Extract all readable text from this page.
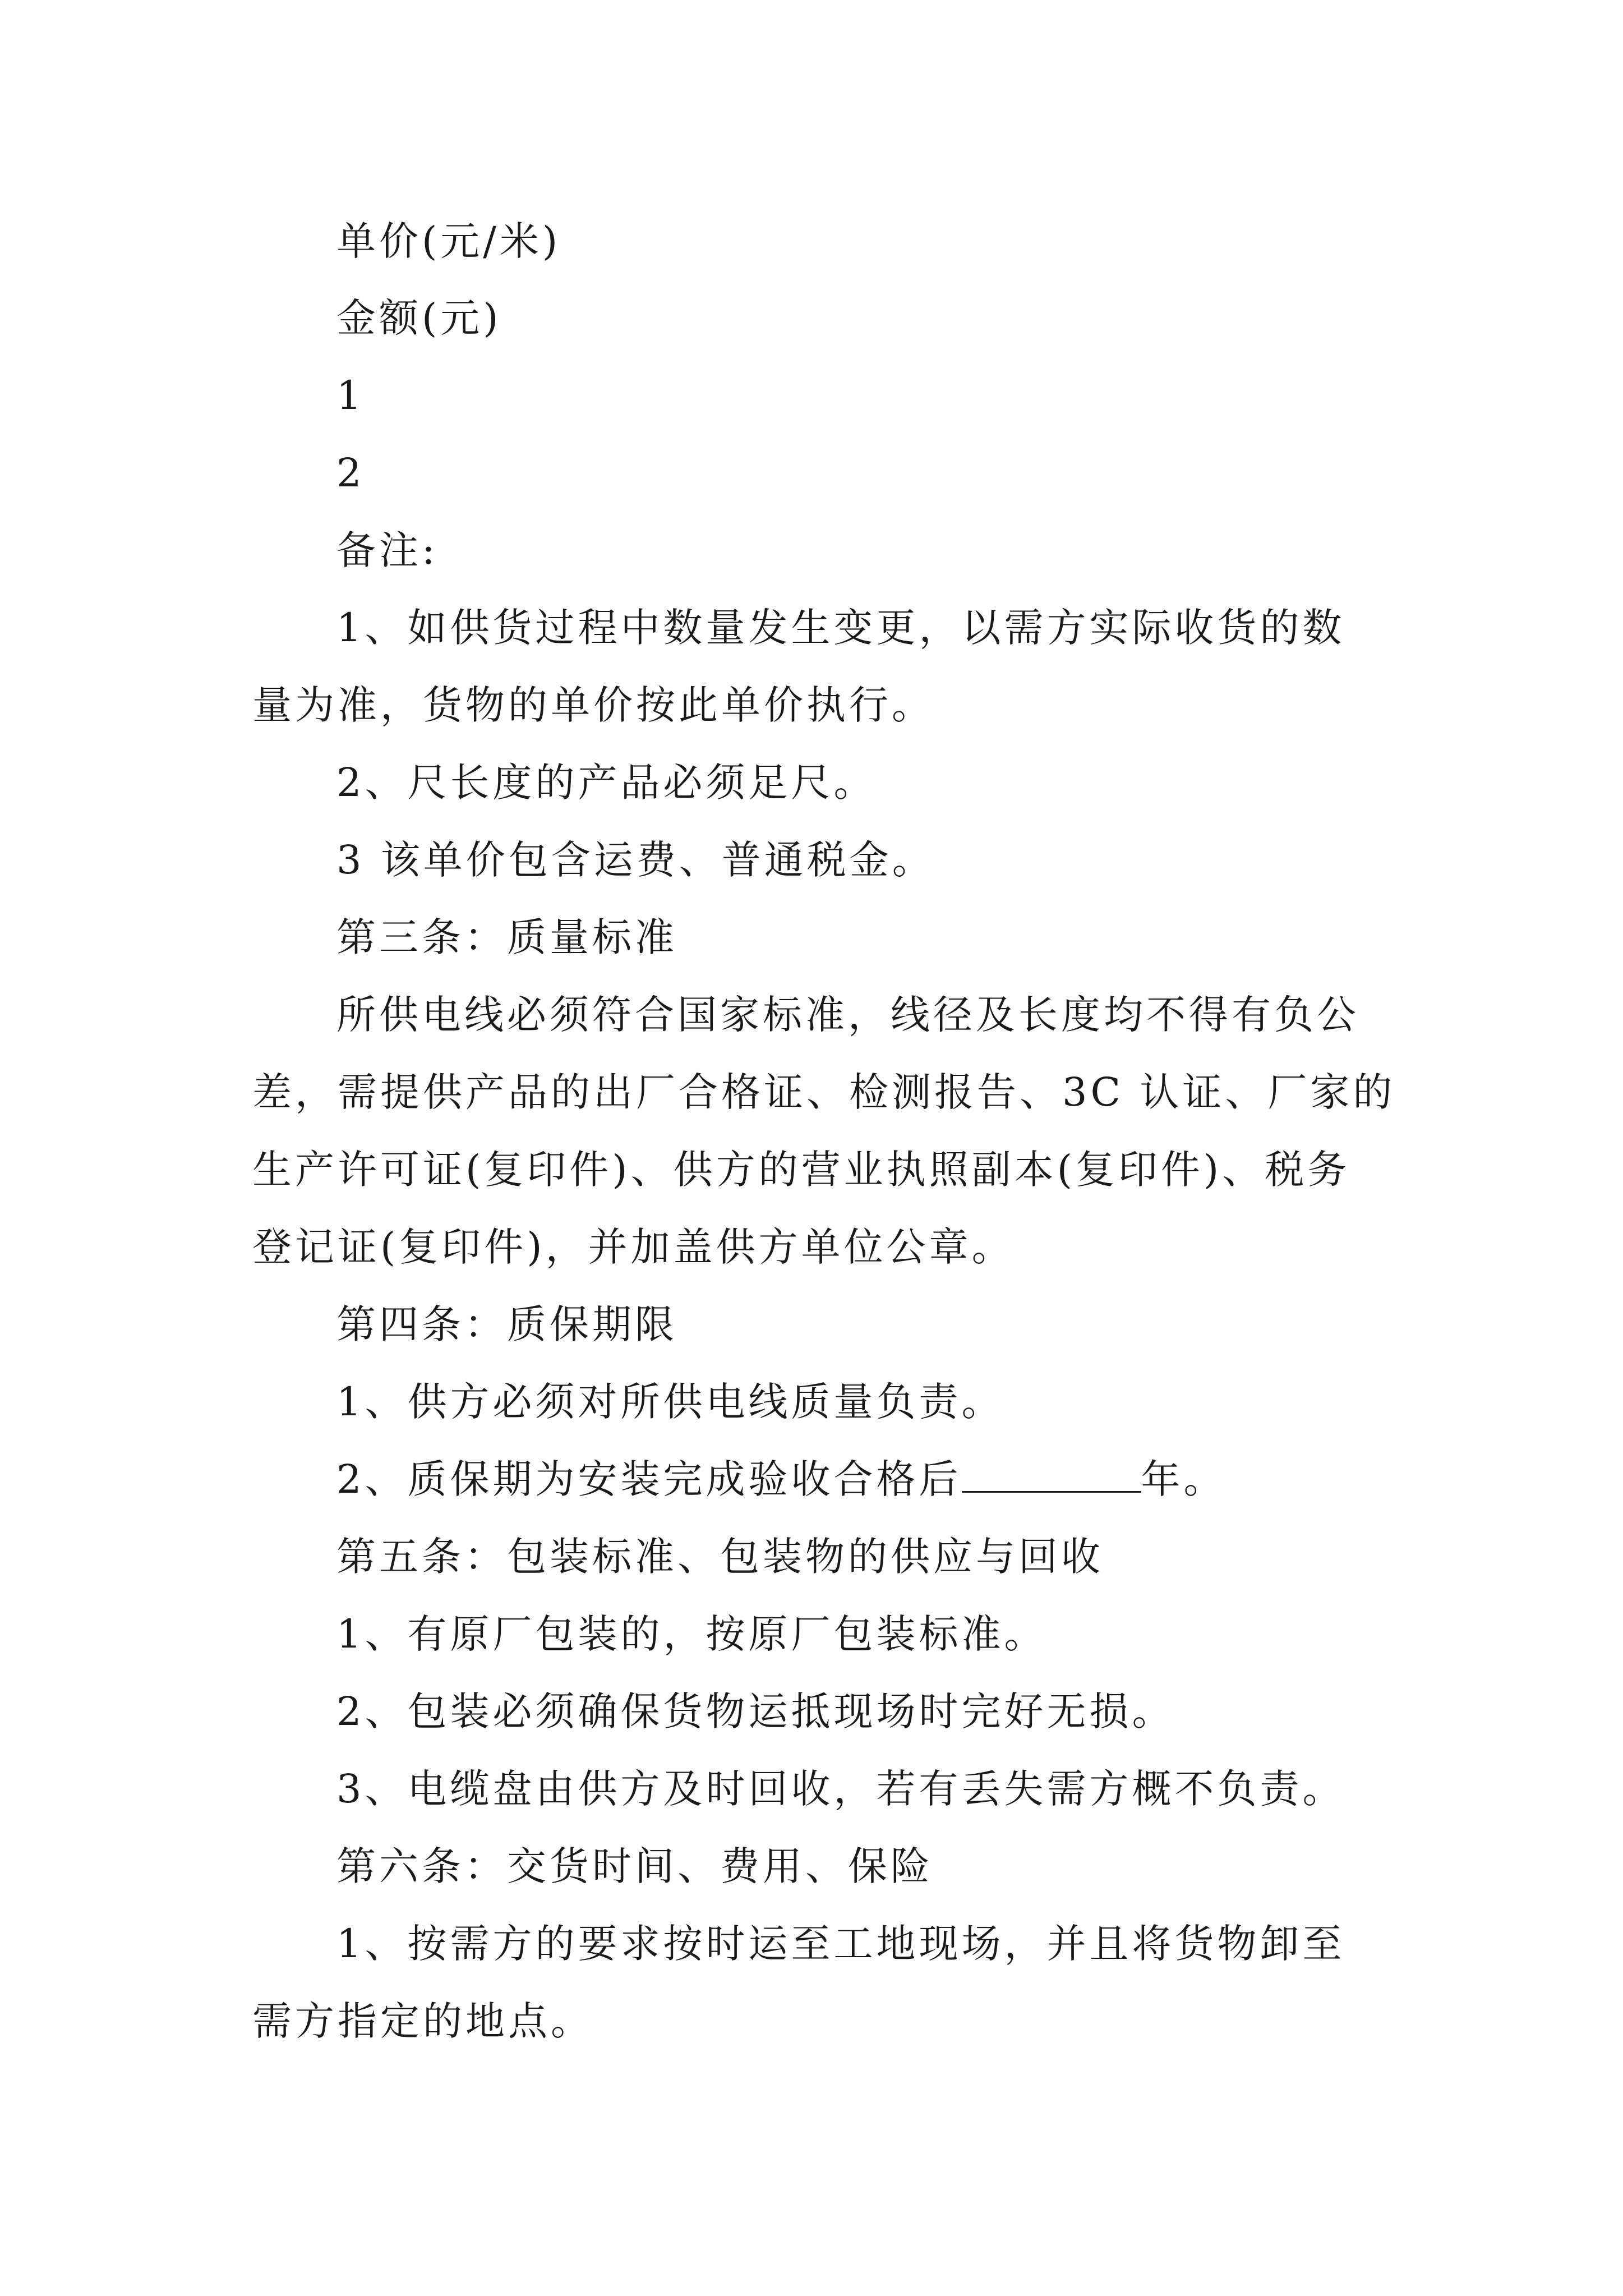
单价(元/米)
金额(元)
1
2
备注:
1、如供货过程中数量发生变更，以需方实际收货的数
量为准，货物的单价按此单价执行。
2、尺长度的产品必须足尺。
3 该单价包含运费、普通税金。
第三条：质量标准
所供电线必须符合国家标准，线径及长度均不得有负公
差，需提供产品的出厂合格证、检测报告、3C 认证、厂家的
生产许可证(复印件)、供方的营业执照副本(复印件)、税务
登记证(复印件)，并加盖供方单位公章。
第四条：质保期限
1、供方必须对所供电线质量负责。
2、质保期为安装完成验收合格后	年。
第五条：包装标准、包装物的供应与回收
1、有原厂包装的，按原厂包装标准。
2、包装必须确保货物运抵现场时完好无损。
3、电缆盘由供方及时回收，若有丢失需方概不负责。
第六条：交货时间、费用、保险
1、按需方的要求按时运至工地现场，并且将货物卸至
需方指定的地点。
